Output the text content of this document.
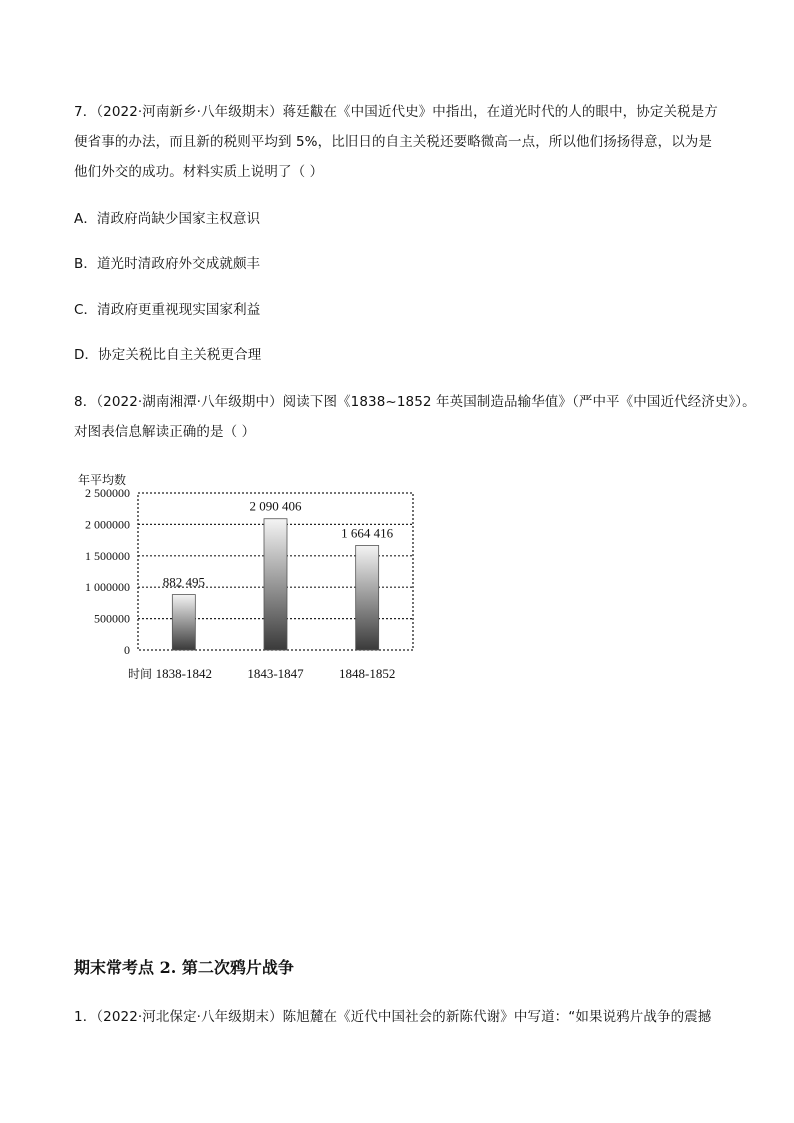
7．（2022·河南新乡·八年级期末）蒋廷黻在《中国近代史》中指出，在道光时代的人的眼中，协定关税是方
便省事的办法，而且新的税则平均到 5%，比旧日的自主关税还要略微高一点，所以他们扬扬得意，以为是
他们外交的成功。材料实质上说明了（ ）
A．清政府尚缺少国家主权意识
B．道光时清政府外交成就颇丰
C．清政府更重视现实国家利益
D．协定关税比自主关税更合理
8．（2022·湖南湘潭·八年级期中）阅读下图《1838~1852 年英国制造品输华值》（严中平《中国近代经济史》）。
对图表信息解读正确的是（ ）
年平均数
0
500000
1 000000
1 500000
2 000000
2 500000
882 495
2 090 406
1 664 416
1838-1842	1843-1847	1848-1852
时间
期末常考点 2. 第二次鸦片战争
1．（2022·河北保定·八年级期末）陈旭麓在《近代中国社会的新陈代谢》中写道：“如果说鸦片战争的震撼
